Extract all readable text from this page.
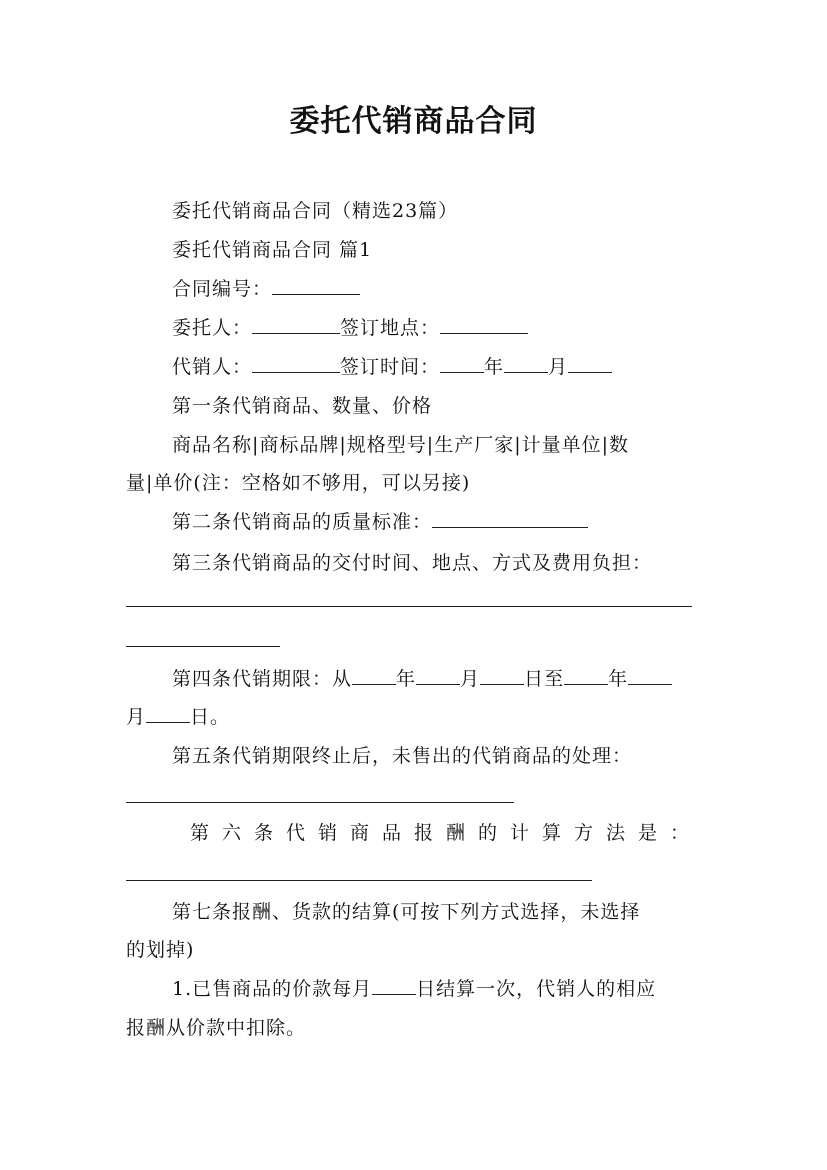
委托代销商品合同
委托代销商品合同（精选23篇）
委托代销商品合同 篇1
合同编号：
委托人：	签订地点：
代销人：	签订时间： 年 月
第一条代销商品、数量、价格
商品名称|商标品牌|规格型号|生产厂家|计量单位|数
量|单价(注：空格如不够用，可以另接)
第二条代销商品的质量标准：
第三条代销商品的交付时间、地点、方式及费用负担：
第四条代销期限：从 年 月 日至 年
月 日。
第五条代销期限终止后，未售出的代销商品的处理：
第六条代销商品报酬的计算方法是：
第七条报酬、货款的结算(可按下列方式选择，未选择
的划掉)
1.已售商品的价款每月 日结算一次，代销人的相应
报酬从价款中扣除。
